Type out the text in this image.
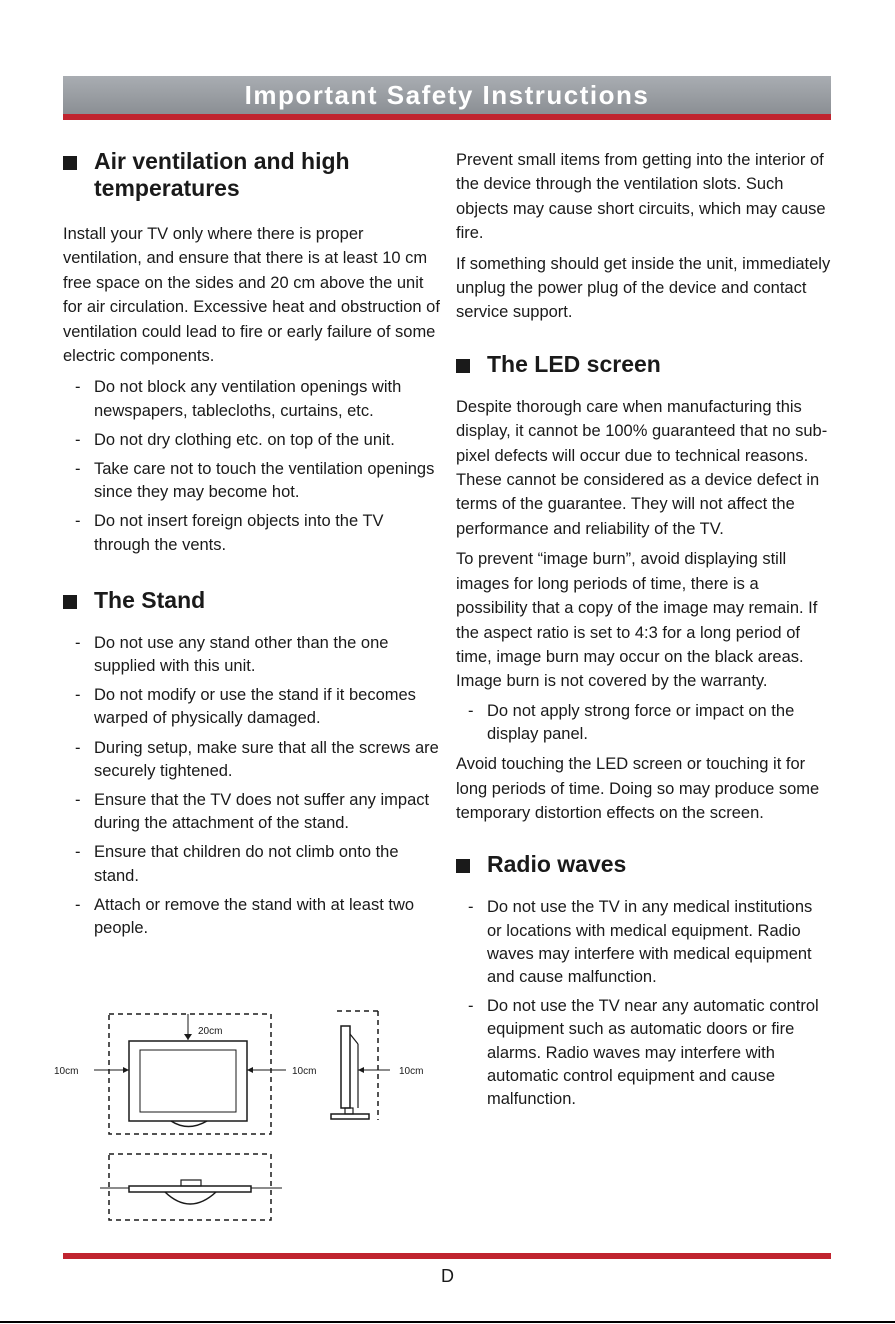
Important Safety Instructions
Air ventilation and high temperatures

Install your TV only where there is proper ventilation, and ensure that there is at least 10 cm free space on the sides and 20 cm above the unit for air circulation. Excessive heat and obstruction of ventilation could lead to fire or early failure of some electric components.

- Do not block any ventilation openings with newspapers, tablecloths, curtains, etc.
- Do not dry clothing etc. on top of the unit.
- Take care not to touch the ventilation openings since they may become hot.
- Do not insert foreign objects into the TV through the vents.
The Stand
- Do not use any stand other than the one supplied with this unit.
- Do not modify or use the stand if it becomes warped of physically damaged.
- During setup, make sure that all the screws are securely tightened.
- Ensure that the TV does not suffer any impact during the attachment of the stand.
- Ensure that children do not climb onto the stand.
- Attach or remove the stand with at least two people.
20cm
10cm	10cm	10cm

Prevent small items from getting into the interior of the device through the ventilation slots. Such objects may cause short circuits, which may cause fire.

If something should get inside the unit, immediately unplug the power plug of the device and contact service support.

The LED screen

Despite thorough care when manufacturing this display, it cannot be 100% guaranteed that no sub-pixel defects will occur due to technical reasons. These cannot be considered as a device defect in terms of the guarantee. They will not affect the performance and reliability of the TV.

To prevent “image burn”, avoid displaying still images for long periods of time, there is a possibility that a copy of the image may remain. If the aspect ratio is set to 4:3 for a long period of time, image burn may occur on the black areas. Image burn is not covered by the warranty.

- Do not apply strong force or impact on the display panel.

Avoid touching the LED screen or touching it for long periods of time. Doing so may produce some temporary distortion effects on the screen.

Radio waves
- Do not use the TV in any medical institutions or locations with medical equipment. Radio waves may interfere with medical equipment and cause malfunction.
- Do not use the TV near any automatic control equipment such as automatic doors or fire alarms. Radio waves may interfere with automatic control equipment and cause malfunction.
D
